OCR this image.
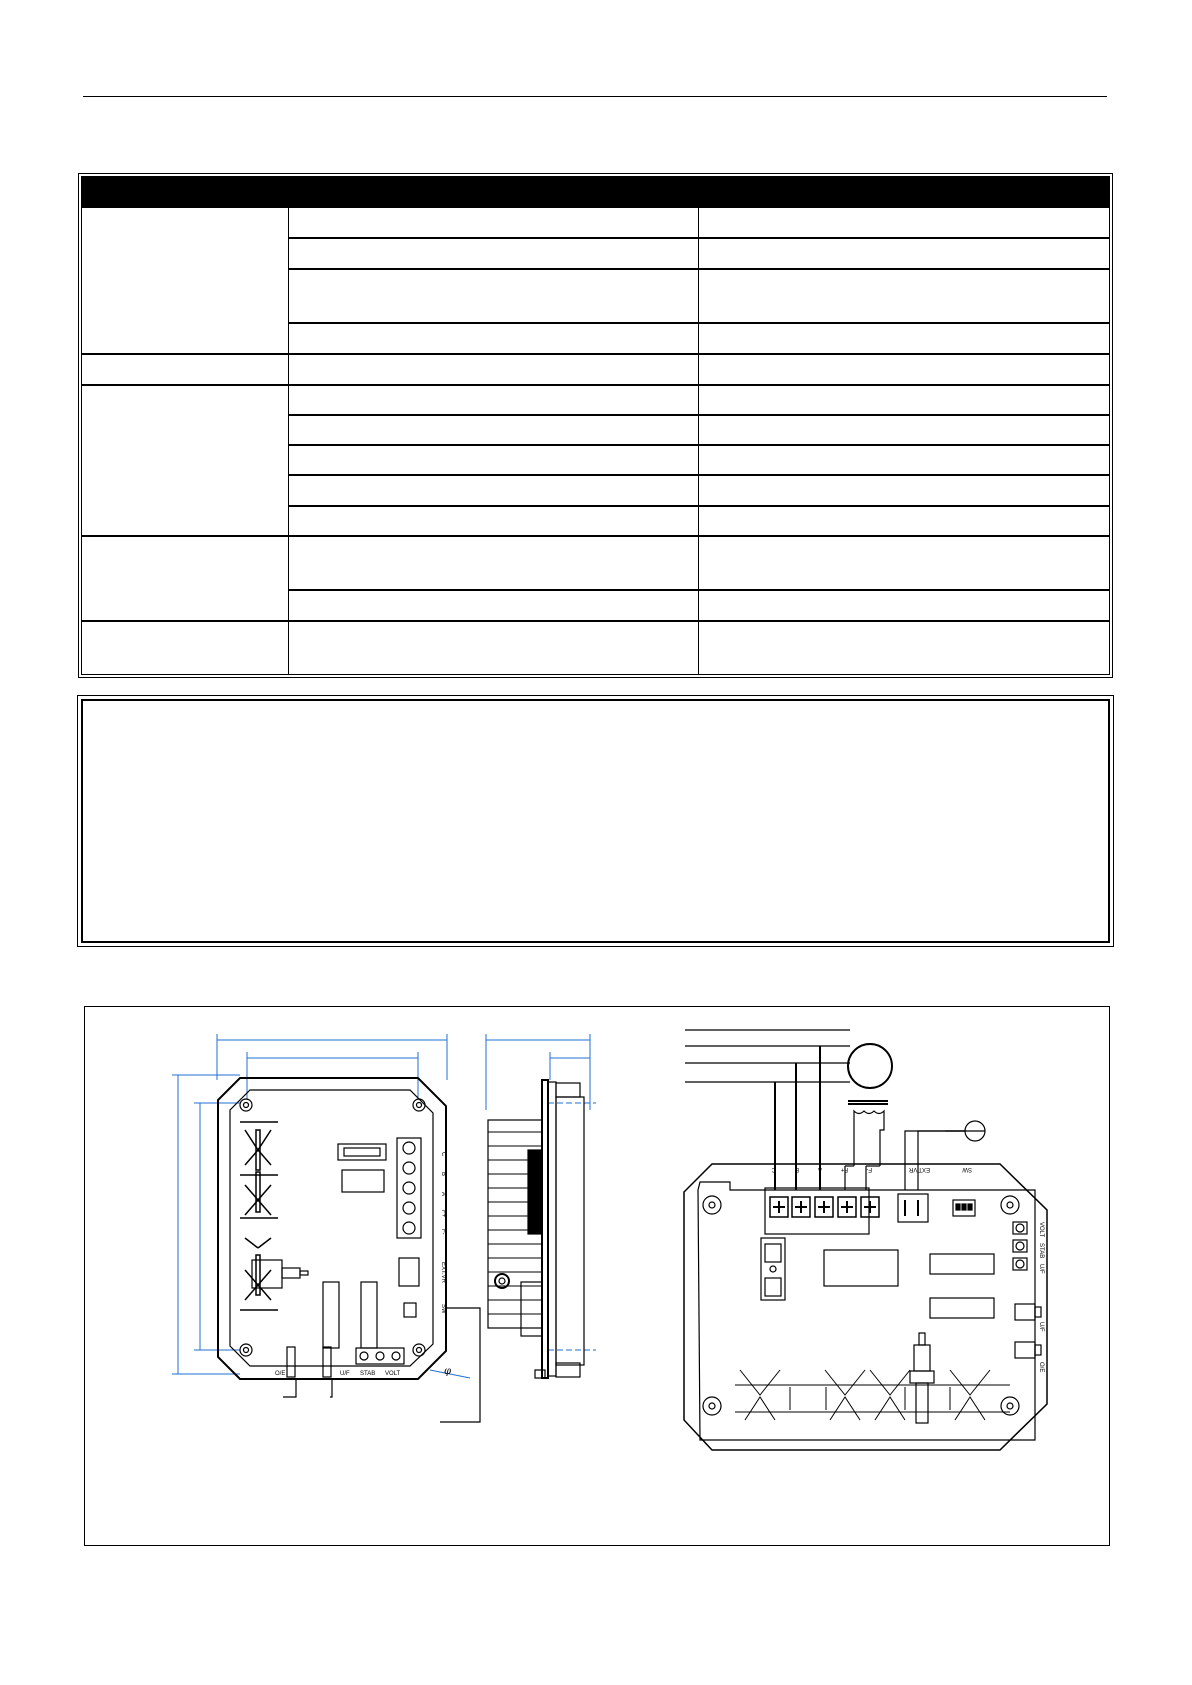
C
B
A
F+
F-
EXT.VR
SW
O/E	U/F STAB VOLT	φ
C	B	A	F+	F-	EXT.VR	SW
VOLT
STAB
U/F
U/F
O/E
